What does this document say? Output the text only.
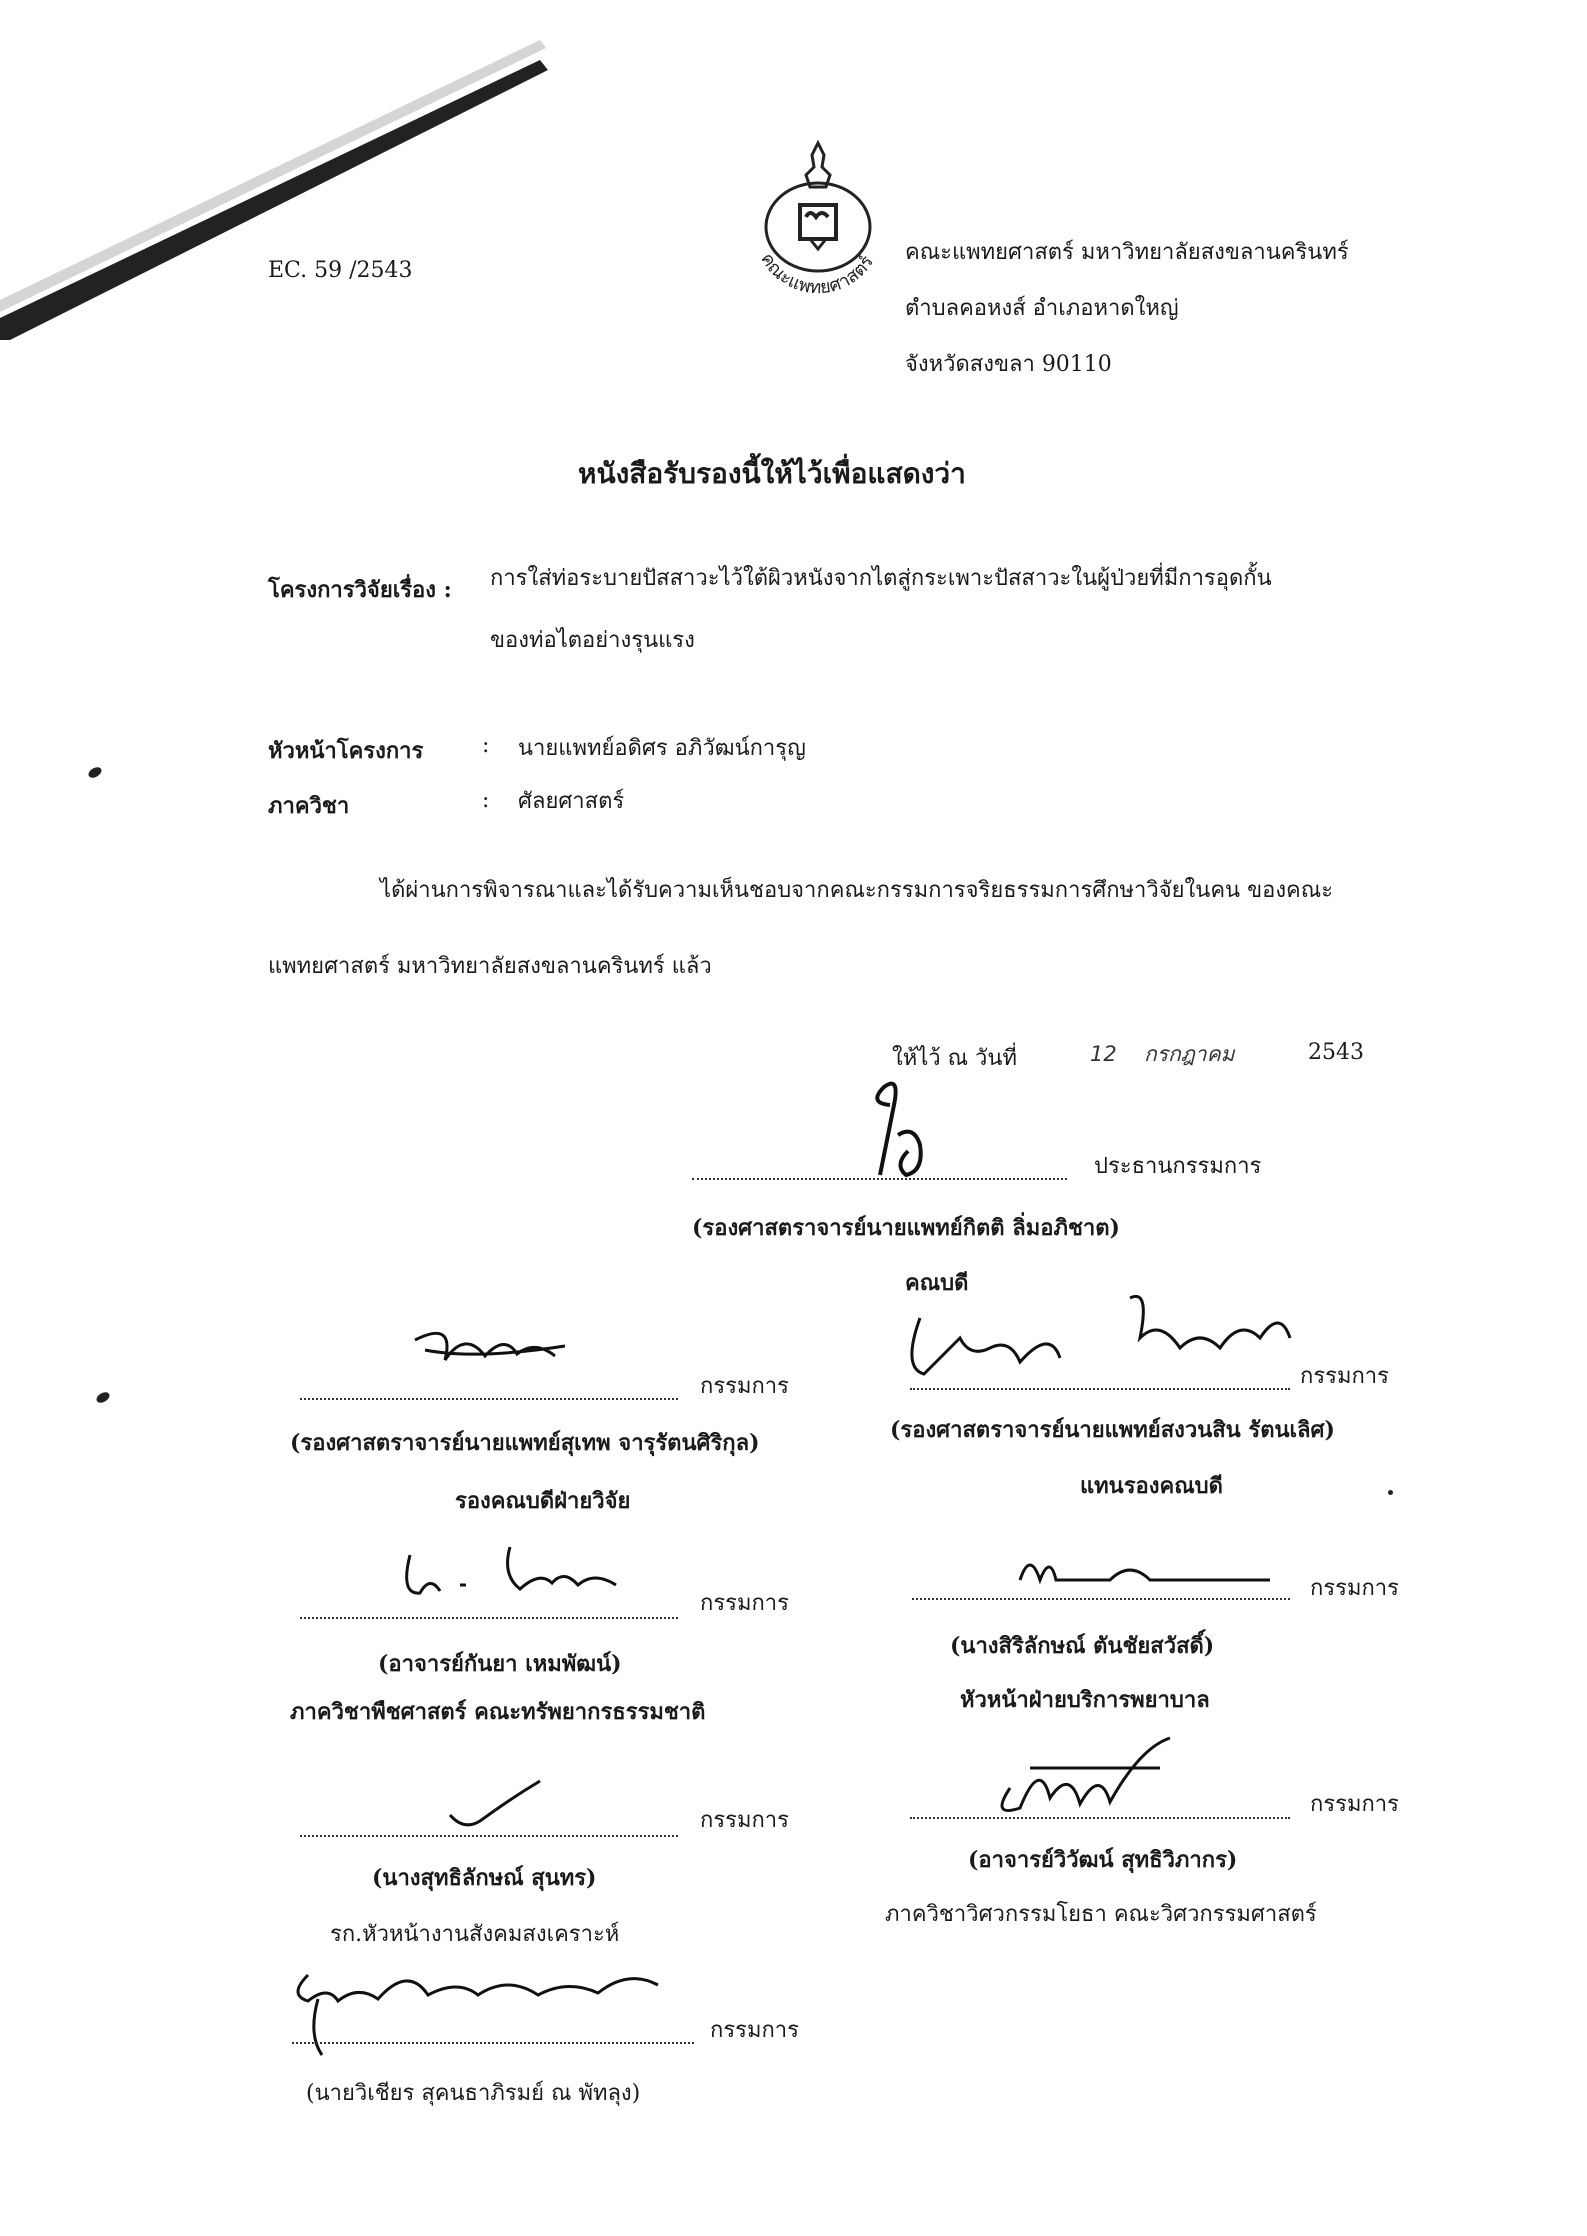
คณะแพทยศาสตร์
EC. 59 /2543
คณะแพทยศาสตร์ มหาวิทยาลัยสงขลานครินทร์
ตำบลคอหงส์ อำเภอหาดใหญ่
จังหวัดสงขลา 90110
หนังสือรับรองนี้ให้ไว้เพื่อแสดงว่า
โครงการวิจัยเรื่อง : การใส่ท่อระบายปัสสาวะไว้ใต้ผิวหนังจากไตสู่กระเพาะปัสสาวะในผู้ป่วยที่มีการอุดกั้น
ของท่อไตอย่างรุนแรง
หัวหน้าโครงการ	: นายแพทย์อดิศร อภิวัฒน์การุญ
ภาควิชา	: ศัลยศาสตร์
ได้ผ่านการพิจารณาและได้รับความเห็นชอบจากคณะกรรมการจริยธรรมการศึกษาวิจัยในคน ของคณะ
แพทยศาสตร์ มหาวิทยาลัยสงขลานครินทร์ แล้ว
ให้ไว้ ณ วันที่	12 กรกฎาคม	2543
ประธานกรรมการ
(รองศาสตราจารย์นายแพทย์กิตติ ลิ่มอภิชาต)
คณบดี
กรรมการ
(รองศาสตราจารย์นายแพทย์สุเทพ จารุรัตนศิริกุล)
รองคณบดีฝ่ายวิจัย
กรรมการ
(รองศาสตราจารย์นายแพทย์สงวนสิน รัตนเลิศ)
แทนรองคณบดี
กรรมการ
(อาจารย์กันยา เหมพัฒน์)
ภาควิชาพืชศาสตร์ คณะทรัพยากรธรรมชาติ
กรรมการ
(นางสิริลักษณ์ ตันชัยสวัสดิ์)
หัวหน้าฝ่ายบริการพยาบาล
กรรมการ
(นางสุทธิลักษณ์ สุนทร)
รก.หัวหน้างานสังคมสงเคราะห์
กรรมการ
(อาจารย์วิวัฒน์ สุทธิวิภากร)
ภาควิชาวิศวกรรมโยธา คณะวิศวกรรมศาสตร์
กรรมการ
(นายวิเชียร สุคนธาภิรมย์ ณ พัทลุง)
